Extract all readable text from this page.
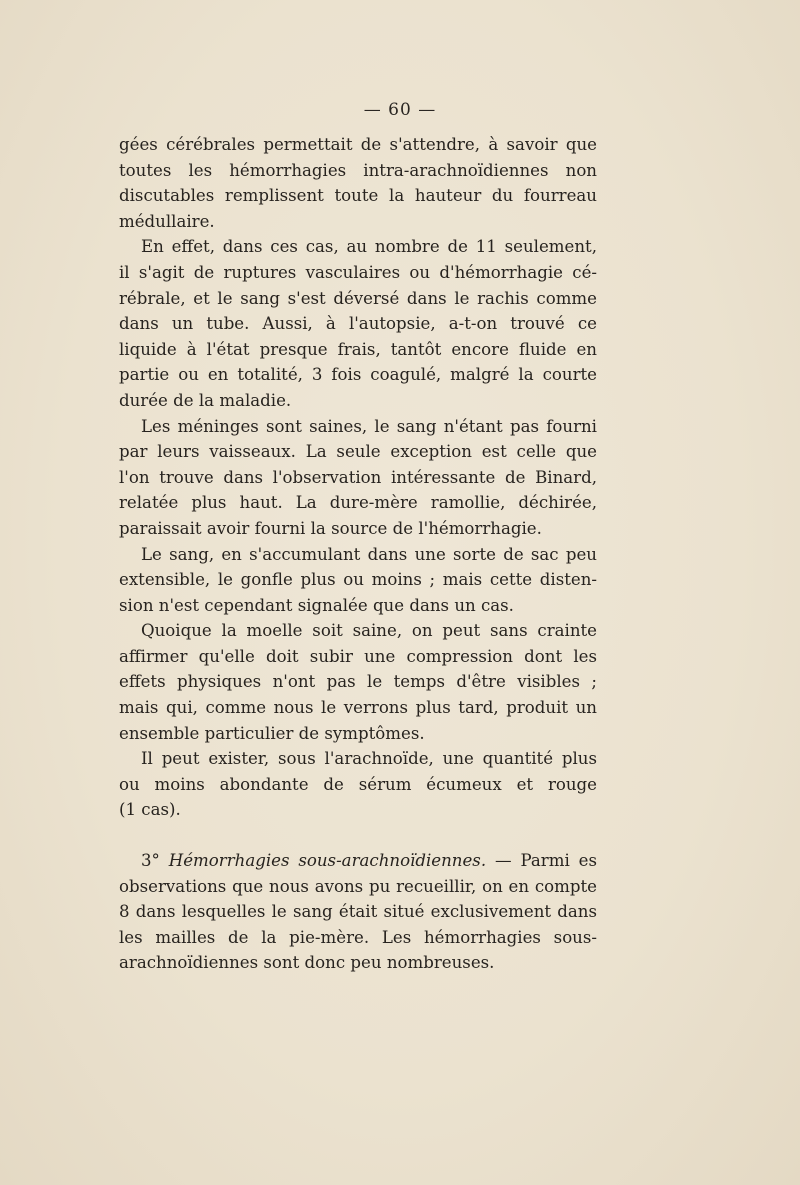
— 60 —
gées cérébrales permettait de s'attendre, à savoir que
toutes les hémorrhagies intra-arachnoïdiennes non
discutables remplissent toute la hauteur du fourreau
médullaire.
En effet, dans ces cas, au nombre de 11 seulement,
il s'agit de ruptures vasculaires ou d'hémorrhagie cé-
rébrale, et le sang s'est déversé dans le rachis comme
dans un tube. Aussi, à l'autopsie, a-t-on trouvé ce
liquide à l'état presque frais, tantôt encore fluide en
partie ou en totalité, 3 fois coagulé, malgré la courte
durée de la maladie.
Les méninges sont saines, le sang n'étant pas fourni
par leurs vaisseaux. La seule exception est celle que
l'on trouve dans l'observation intéressante de Binard,
relatée plus haut. La dure-mère ramollie, déchirée,
paraissait avoir fourni la source de l'hémorrhagie.
Le sang, en s'accumulant dans une sorte de sac peu
extensible, le gonfle plus ou moins ; mais cette disten-
sion n'est cependant signalée que dans un cas.
Quoique la moelle soit saine, on peut sans crainte
affirmer qu'elle doit subir une compression dont les
effets physiques n'ont pas le temps d'être visibles ;
mais qui, comme nous le verrons plus tard, produit un
ensemble particulier de symptômes.
Il peut exister, sous l'arachnoïde, une quantité plus
ou moins abondante de sérum écumeux et rouge
(1 cas).
3° Hémorrhagies sous-arachnoïdiennes. — Parmi es
observations que nous avons pu recueillir, on en compte
8 dans lesquelles le sang était situé exclusivement dans
les mailles de la pie-mère. Les hémorrhagies sous-
arachnoïdiennes sont donc peu nombreuses.
